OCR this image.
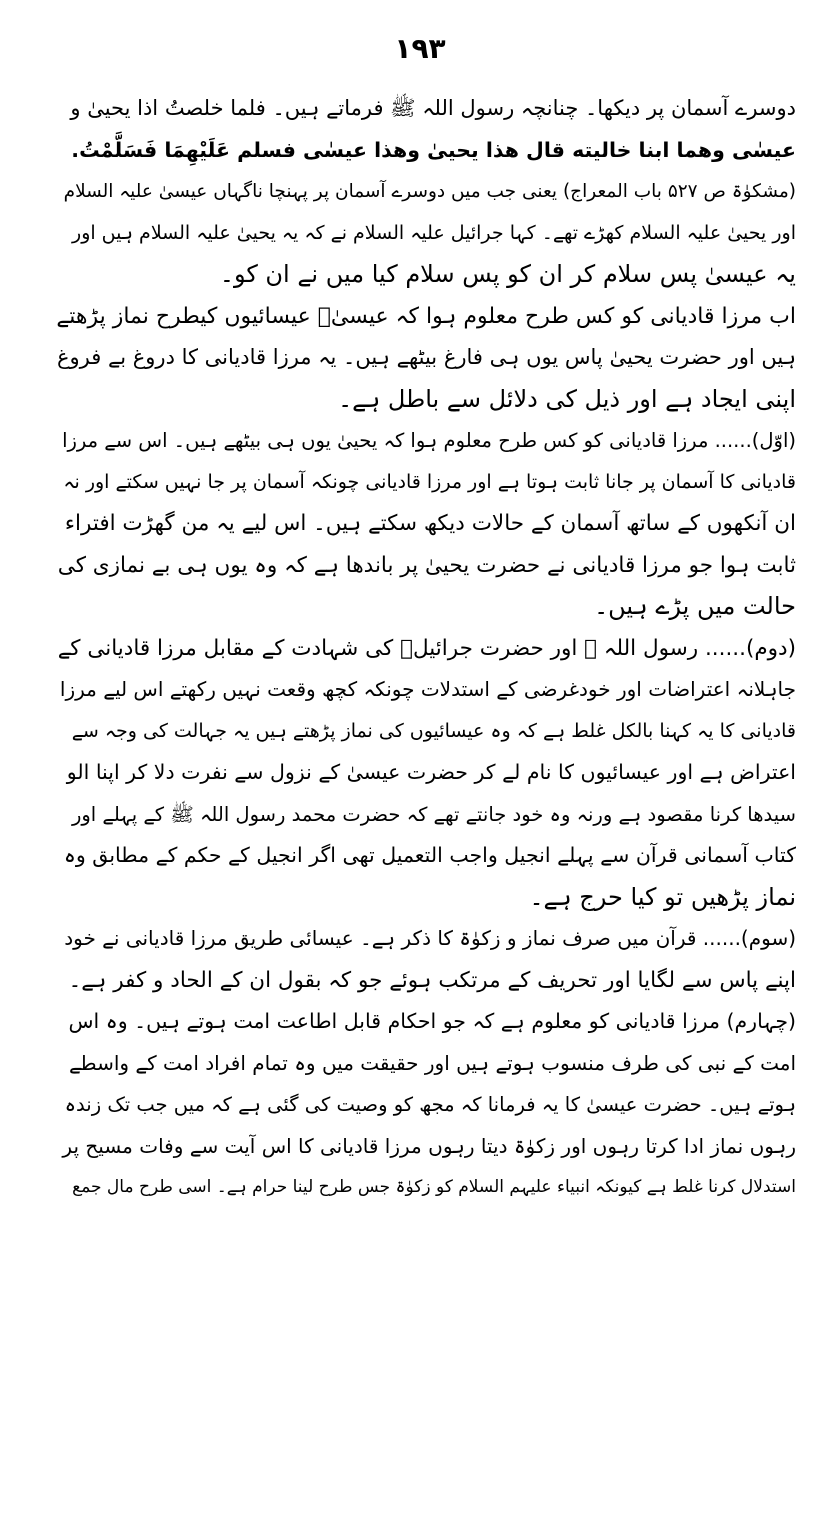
۱۹۳
دوسرے آسمان پر دیکھا۔ چنانچہ رسول اللہ ﷺ فرماتے ہیں۔ فلما خلصتُ اذا یحییٰ و
عیسٰی وھما ابنا خالیته قال ھذا یحییٰ وھذا عیسٰی فسلم عَلَیْھِمَا فَسَلَّمْتُ.
(مشکوٰۃ ص ۵۲۷ باب المعراج) یعنی جب میں دوسرے آسمان پر پہنچا ناگہاں عیسیٰ علیہ السلام
اور یحییٰ علیہ السلام کھڑے تھے۔ کہا جرائیل علیہ السلام نے کہ یہ یحییٰ علیہ السلام ہیں اور
یہ عیسیٰ پس سلام کر ان کو پس سلام کیا میں نے ان کو۔
اب مرزا قادیانی کو کس طرح معلوم ہوا کہ عیسیٰؑ عیسائیوں کیطرح نماز پڑھتے
ہیں اور حضرت یحییٰ پاس یوں ہی فارغ بیٹھے ہیں۔ یہ مرزا قادیانی کا دروغ بے فروغ
اپنی ایجاد ہے اور ذیل کی دلائل سے باطل ہے۔
(اوّل)...... مرزا قادیانی کو کس طرح معلوم ہوا کہ یحییٰ یوں ہی بیٹھے ہیں۔ اس سے مرزا
قادیانی کا آسمان پر جانا ثابت ہوتا ہے اور مرزا قادیانی چونکہ آسمان پر جا نہیں سکتے اور نہ
ان آنکھوں کے ساتھ آسمان کے حالات دیکھ سکتے ہیں۔ اس لیے یہ من گھڑت افتراء
ثابت ہوا جو مرزا قادیانی نے حضرت یحییٰ پر باندھا ہے کہ وہ یوں ہی بے نمازی کی
حالت میں پڑے ہیں۔
(دوم)...... رسول اللہ ﷺ اور حضرت جرائیلؑ کی شہادت کے مقابل مرزا قادیانی کے
جاہلانہ اعتراضات اور خودغرضی کے استدلات چونکہ کچھ وقعت نہیں رکھتے اس لیے مرزا
قادیانی کا یہ کہنا بالکل غلط ہے کہ وہ عیسائیوں کی نماز پڑھتے ہیں یہ جہالت کی وجہ سے
اعتراض ہے اور عیسائیوں کا نام لے کر حضرت عیسیٰ کے نزول سے نفرت دلا کر اپنا الو
سیدھا کرنا مقصود ہے ورنہ وہ خود جانتے تھے کہ حضرت محمد رسول اللہ ﷺ کے پہلے اور
کتاب آسمانی قرآن سے پہلے انجیل واجب التعمیل تھی اگر انجیل کے حکم کے مطابق وہ
نماز پڑھیں تو کیا حرج ہے۔
(سوم)...... قرآن میں صرف نماز و زکوٰۃ کا ذکر ہے۔ عیسائی طریق مرزا قادیانی نے خود
اپنے پاس سے لگایا اور تحریف کے مرتکب ہوئے جو کہ بقول ان کے الحاد و کفر ہے۔
(چہارم) مرزا قادیانی کو معلوم ہے کہ جو احکام قابل اطاعت امت ہوتے ہیں۔ وہ اس
امت کے نبی کی طرف منسوب ہوتے ہیں اور حقیقت میں وہ تمام افراد امت کے واسطے
ہوتے ہیں۔ حضرت عیسیٰ کا یہ فرمانا کہ مجھ کو وصیت کی گئی ہے کہ میں جب تک زندہ
رہوں نماز ادا کرتا رہوں اور زکوٰۃ دیتا رہوں مرزا قادیانی کا اس آیت سے وفات مسیح پر
استدلال کرنا غلط ہے کیونکہ انبیاء علیہم السلام کو زکوٰۃ جس طرح لینا حرام ہے۔ اسی طرح مال جمع
